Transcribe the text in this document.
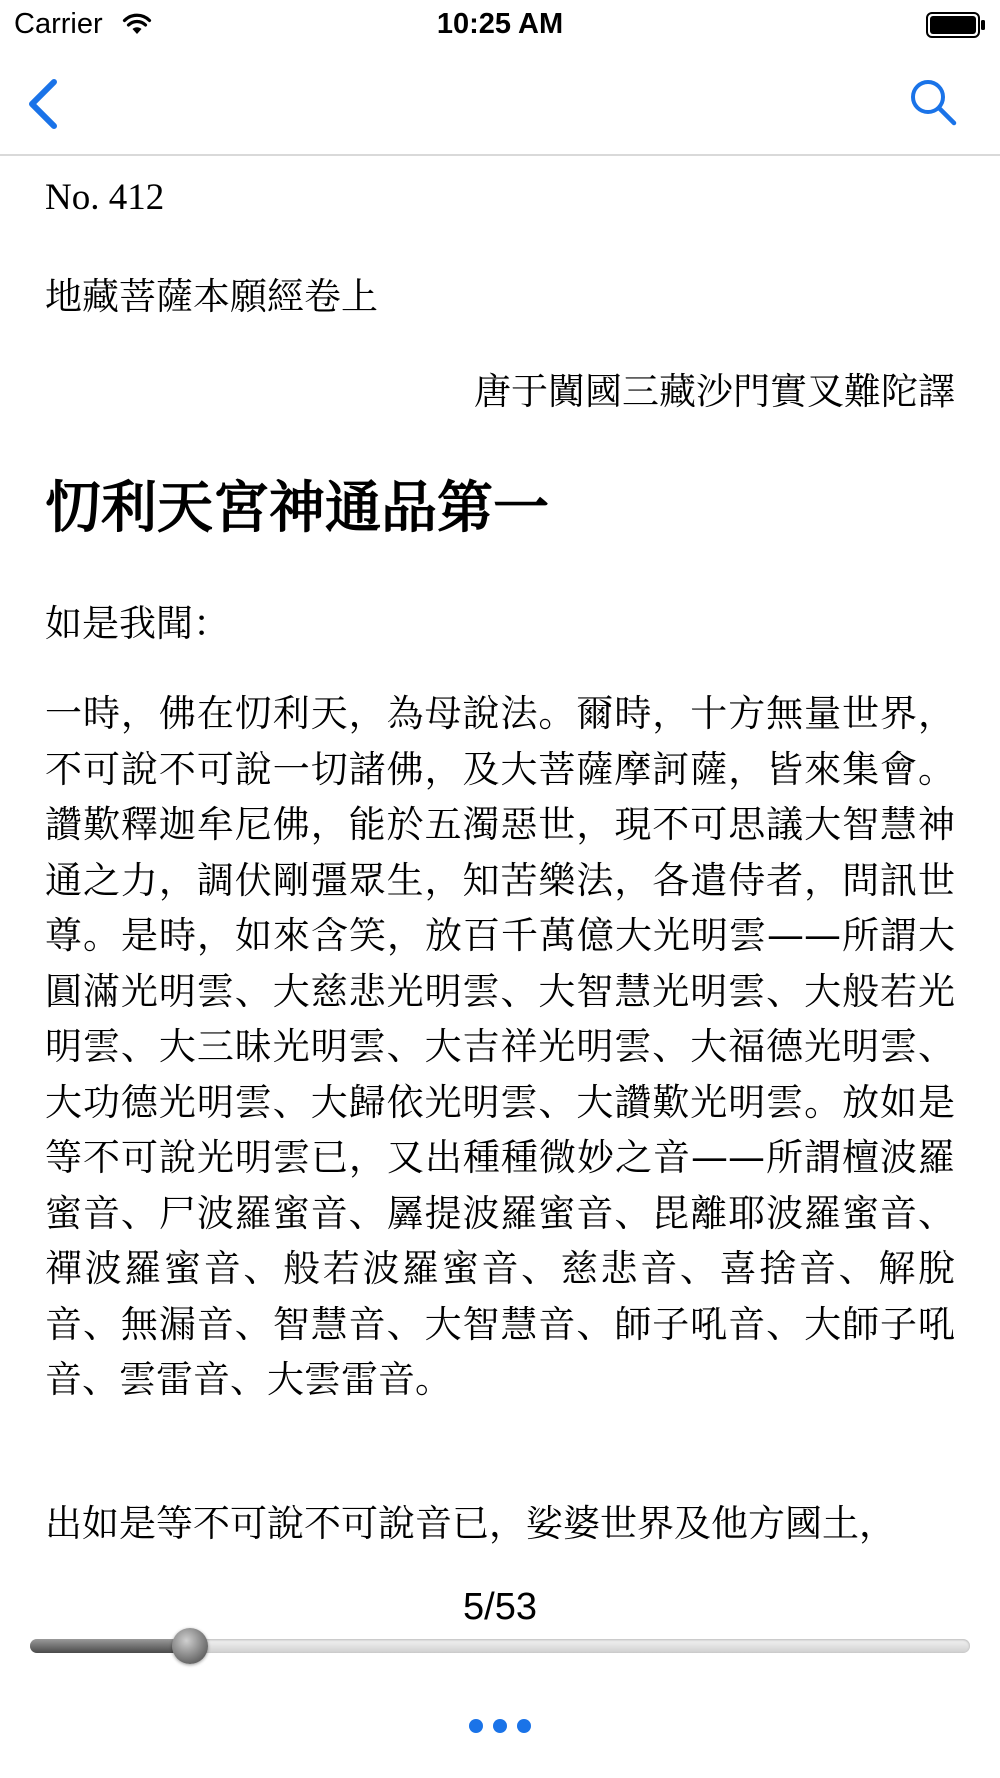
Carrier	10:25 AM
No. 412
地藏菩薩本願經卷上
唐于闐國三藏沙門實叉難陀譯
忉利天宮神通品第一
如是我聞：

一時，佛在忉利天，為母說法。爾時，十方無量世界，不可說不可說一切諸佛，及大菩薩摩訶薩，皆來集會。讚歎釋迦牟尼佛，能於五濁惡世，現不可思議大智慧神通之力，調伏剛彊眾生，知苦樂法，各遣侍者，問訊世尊。是時，如來含笑，放百千萬億大光明雲——所謂大圓滿光明雲、大慈悲光明雲、大智慧光明雲、大般若光明雲、大三昧光明雲、大吉祥光明雲、大福德光明雲、大功德光明雲、大歸依光明雲、大讚歎光明雲。放如是等不可說光明雲已，又出種種微妙之音——所謂檀波羅蜜音、尸波羅蜜音、羼提波羅蜜音、毘離耶波羅蜜音、禪波羅蜜音、般若波羅蜜音、慈悲音、喜捨音、解脫音、無漏音、智慧音、大智慧音、師子吼音、大師子吼音、雲雷音、大雲雷音。

出如是等不可說不可說音已，娑婆世界及他方國土，

5/53
